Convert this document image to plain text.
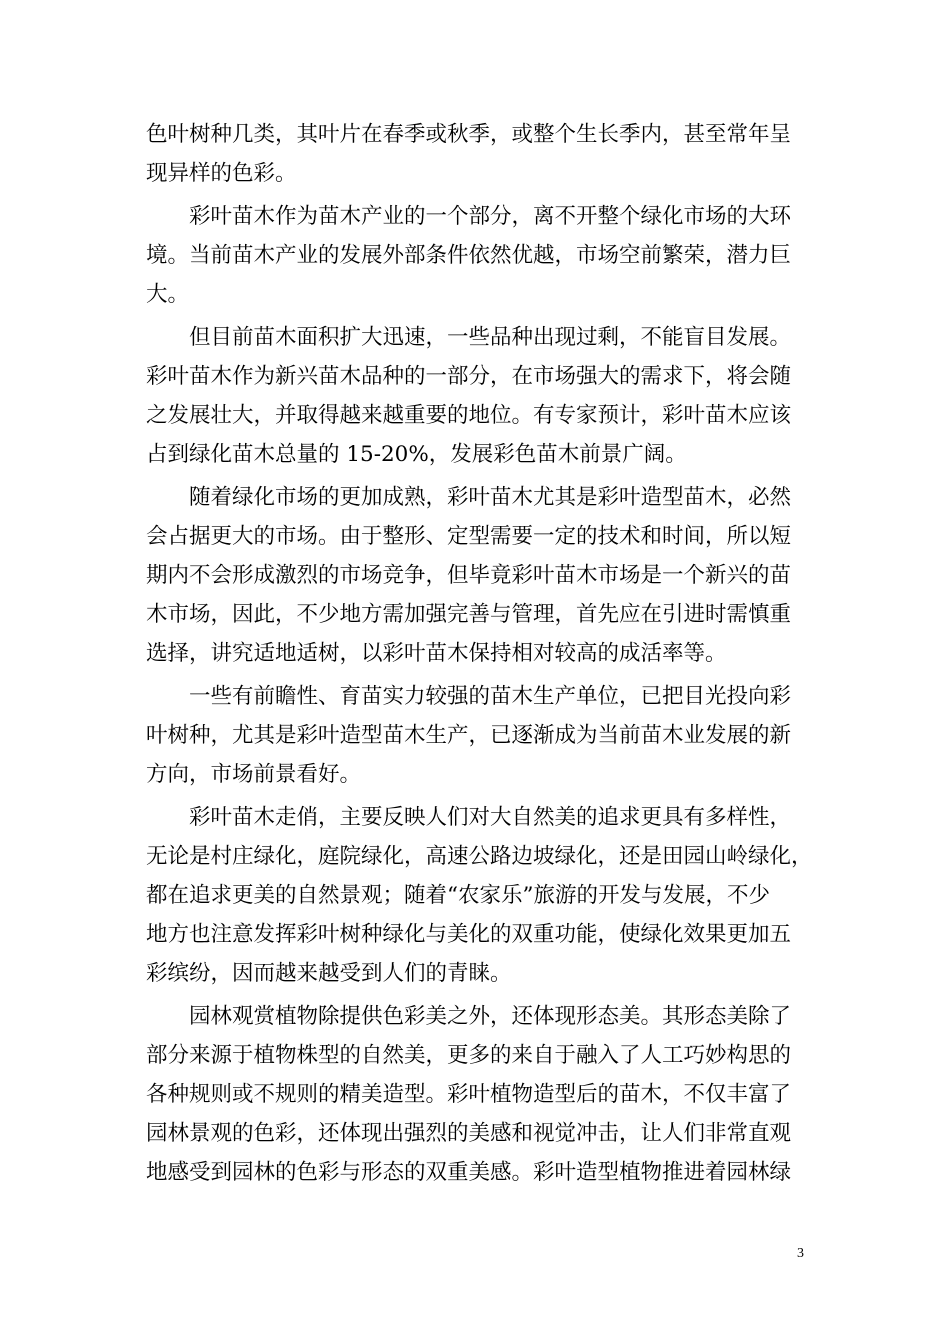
色叶树种几类，其叶片在春季或秋季，或整个生长季内，甚至常年呈

现异样的色彩。

彩叶苗木作为苗木产业的一个部分，离不开整个绿化市场的大环

境。当前苗木产业的发展外部条件依然优越，市场空前繁荣，潜力巨

大。

但目前苗木面积扩大迅速，一些品种出现过剩，不能盲目发展。

彩叶苗木作为新兴苗木品种的一部分，在市场强大的需求下，将会随

之发展壮大，并取得越来越重要的地位。有专家预计，彩叶苗木应该

占到绿化苗木总量的 15-20%，发展彩色苗木前景广阔。

随着绿化市场的更加成熟，彩叶苗木尤其是彩叶造型苗木，必然

会占据更大的市场。由于整形、定型需要一定的技术和时间，所以短

期内不会形成激烈的市场竞争，但毕竟彩叶苗木市场是一个新兴的苗

木市场，因此，不少地方需加强完善与管理，首先应在引进时需慎重

选择，讲究适地适树，以彩叶苗木保持相对较高的成活率等。

一些有前瞻性、育苗实力较强的苗木生产单位，已把目光投向彩

叶树种，尤其是彩叶造型苗木生产，已逐渐成为当前苗木业发展的新

方向，市场前景看好。

彩叶苗木走俏，主要反映人们对大自然美的追求更具有多样性，

无论是村庄绿化，庭院绿化，高速公路边坡绿化，还是田园山岭绿化，

都在追求更美的自然景观；随着“农家乐”旅游的开发与发展，不少

地方也注意发挥彩叶树种绿化与美化的双重功能，使绿化效果更加五

彩缤纷，因而越来越受到人们的青睐。

园林观赏植物除提供色彩美之外，还体现形态美。其形态美除了

部分来源于植物株型的自然美，更多的来自于融入了人工巧妙构思的

各种规则或不规则的精美造型。彩叶植物造型后的苗木，不仅丰富了

园林景观的色彩，还体现出强烈的美感和视觉冲击，让人们非常直观

地感受到园林的色彩与形态的双重美感。彩叶造型植物推进着园林绿

3
